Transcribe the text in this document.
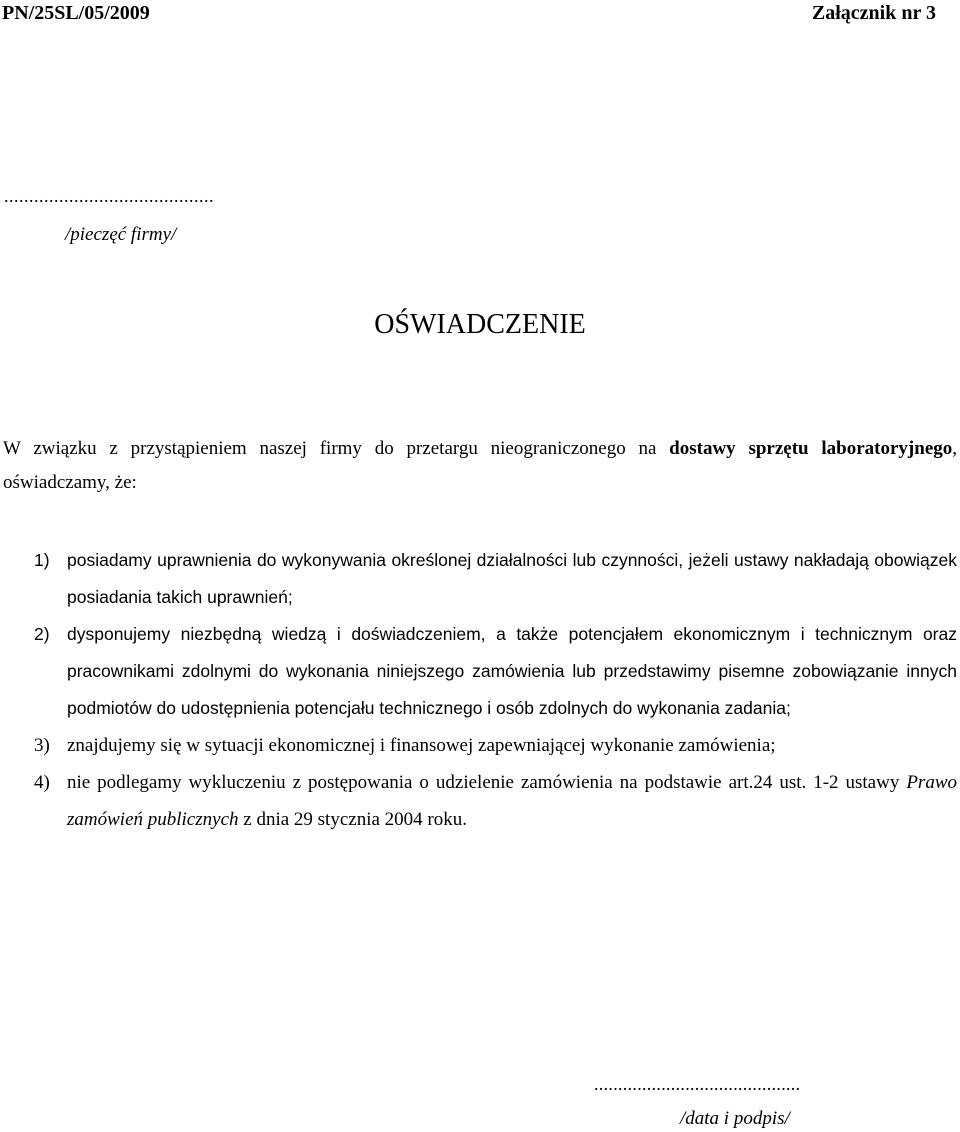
PN/25SL/05/2009	Załącznik nr 3
..........................................
/pieczęć firmy/
OŚWIADCZENIE

W związku z przystąpieniem naszej firmy do przetargu nieograniczonego na dostawy sprzętu laboratoryjnego, oświadczamy, że:

1) posiadamy uprawnienia do wykonywania określonej działalności lub czynności, jeżeli ustawy nakładają obowiązek posiadania takich uprawnień;
2) dysponujemy niezbędną wiedzą i doświadczeniem, a także potencjałem ekonomicznym i technicznym oraz pracownikami zdolnymi do wykonania niniejszego zamówienia lub przedstawimy pisemne zobowiązanie innych podmiotów do udostępnienia potencjału technicznego i osób zdolnych do wykonania zadania;
3) znajdujemy się w sytuacji ekonomicznej i finansowej zapewniającej wykonanie zamówienia;
4) nie podlegamy wykluczeniu z postępowania o udzielenie zamówienia na podstawie art.24 ust. 1-2 ustawy Prawo zamówień publicznych z dnia 29 stycznia 2004 roku.
...........................................
/data i podpis/
